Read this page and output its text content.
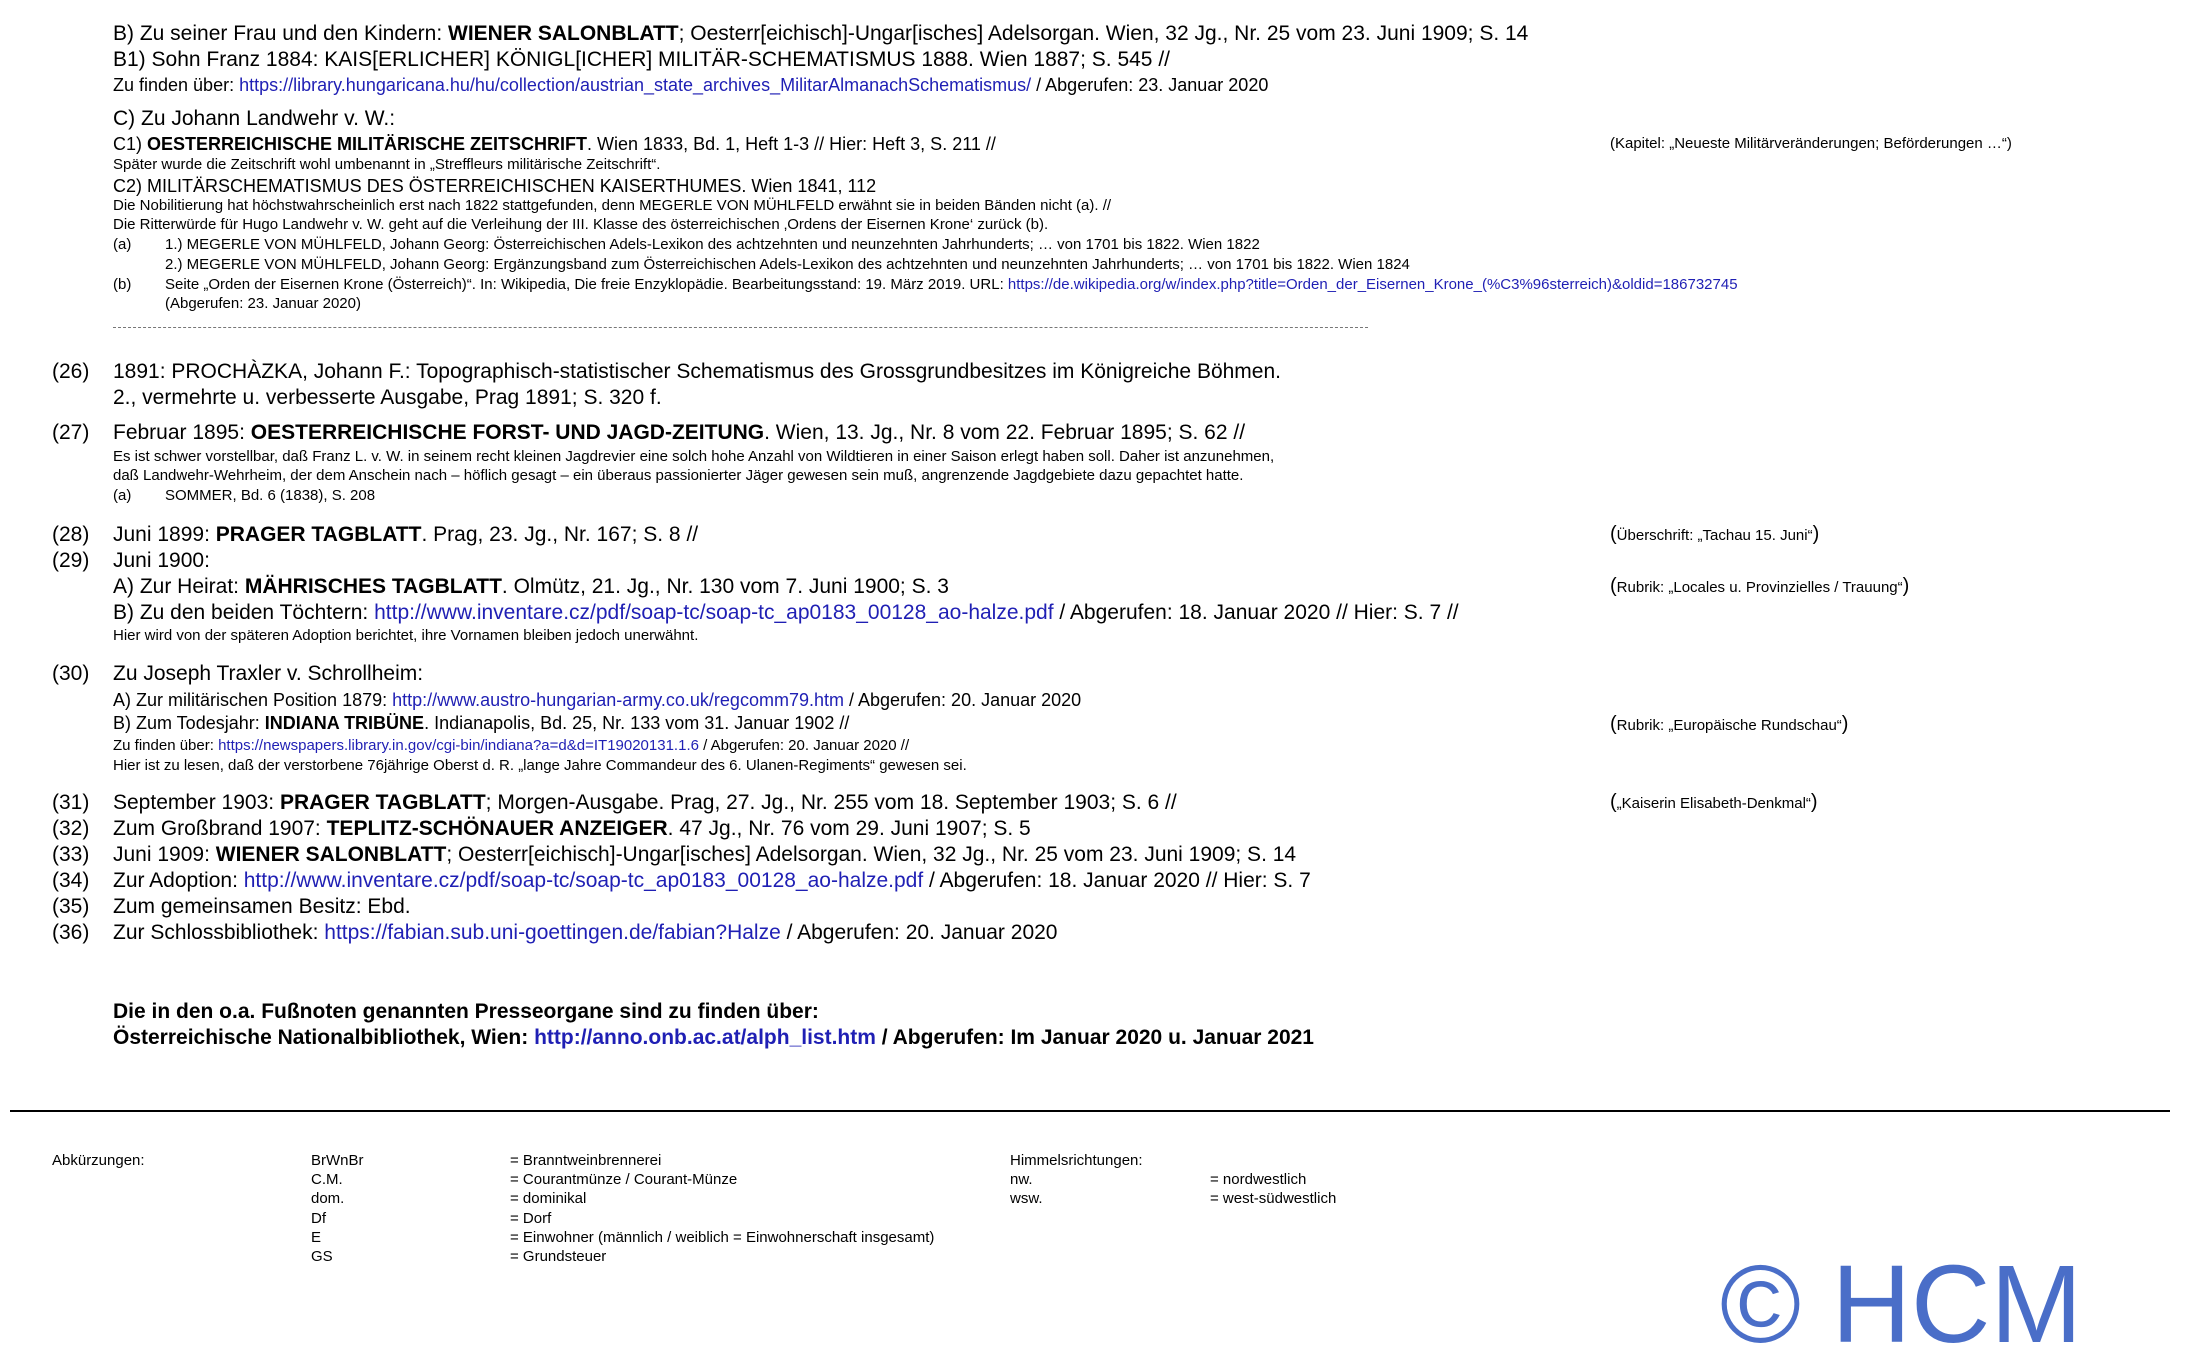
B) Zu seiner Frau und den Kindern: WIENER SALONBLATT; Oesterr[eichisch]-Ungar[isches] Adelsorgan. Wien, 32 Jg., Nr. 25 vom 23. Juni 1909; S. 14
B1) Sohn Franz 1884: KAIS[ERLICHER] KÖNIGL[ICHER] MILITÄR-SCHEMATISMUS 1888. Wien 1887; S. 545 //
Zu finden über: https://library.hungaricana.hu/hu/collection/austrian_state_archives_MilitarAlmanachSchematismus/ / Abgerufen: 23. Januar 2020
C) Zu Johann Landwehr v. W.:
C1) OESTERREICHISCHE MILITÄRISCHE ZEITSCHRIFT. Wien 1833, Bd. 1, Heft 1-3 // Hier: Heft 3, S. 211 //	(Kapitel: „Neueste Militärveränderungen; Beförderungen …“)
Später wurde die Zeitschrift wohl umbenannt in „Streffleurs militärische Zeitschrift“.
C2) MILITÄRSCHEMATISMUS DES ÖSTERREICHISCHEN KAISERTHUMES. Wien 1841, 112
Die Nobilitierung hat höchstwahrscheinlich erst nach 1822 stattgefunden, denn MEGERLE VON MÜHLFELD erwähnt sie in beiden Bänden nicht (a). //
Die Ritterwürde für Hugo Landwehr v. W. geht auf die Verleihung der III. Klasse des österreichischen ‚Ordens der Eisernen Krone‘ zurück (b).
(a) 1.) MEGERLE VON MÜHLFELD, Johann Georg: Österreichischen Adels-Lexikon des achtzehnten und neunzehnten Jahrhunderts; … von 1701 bis 1822. Wien 1822
2.) MEGERLE VON MÜHLFELD, Johann Georg: Ergänzungsband zum Österreichischen Adels-Lexikon des achtzehnten und neunzehnten Jahrhunderts; … von 1701 bis 1822. Wien 1824
(b) Seite „Orden der Eisernen Krone (Österreich)“. In: Wikipedia, Die freie Enzyklopädie. Bearbeitungsstand: 19. März 2019. URL: https://de.wikipedia.org/w/index.php?title=Orden_der_Eisernen_Krone_(%C3%96sterreich)&oldid=186732745
(Abgerufen: 23. Januar 2020)
(26) 1891: PROCHÀZKA, Johann F.: Topographisch-statistischer Schematismus des Grossgrundbesitzes im Königreiche Böhmen.
2., vermehrte u. verbesserte Ausgabe, Prag 1891; S. 320 f.
(27) Februar 1895: OESTERREICHISCHE FORST- UND JAGD-ZEITUNG. Wien, 13. Jg., Nr. 8 vom 22. Februar 1895; S. 62 //
Es ist schwer vorstellbar, daß Franz L. v. W. in seinem recht kleinen Jagdrevier eine solch hohe Anzahl von Wildtieren in einer Saison erlegt haben soll. Daher ist anzunehmen,
daß Landwehr-Wehrheim, der dem Anschein nach – höflich gesagt – ein überaus passionierter Jäger gewesen sein muß, angrenzende Jagdgebiete dazu gepachtet hatte.
(a) SOMMER, Bd. 6 (1838), S. 208
(28) Juni 1899: PRAGER TAGBLATT. Prag, 23. Jg., Nr. 167; S. 8 //	(Überschrift: „Tachau 15. Juni“)
(29) Juni 1900:
A) Zur Heirat: MÄHRISCHES TAGBLATT. Olmütz, 21. Jg., Nr. 130 vom 7. Juni 1900; S. 3	(Rubrik: „Locales u. Provinzielles / Trauung“)
B) Zu den beiden Töchtern: http://www.inventare.cz/pdf/soap-tc/soap-tc_ap0183_00128_ao-halze.pdf / Abgerufen: 18. Januar 2020 // Hier: S. 7 //
Hier wird von der späteren Adoption berichtet, ihre Vornamen bleiben jedoch unerwähnt.
(30) Zu Joseph Traxler v. Schrollheim:
A) Zur militärischen Position 1879: http://www.austro-hungarian-army.co.uk/regcomm79.htm / Abgerufen: 20. Januar 2020
B) Zum Todesjahr: INDIANA TRIBÜNE. Indianapolis, Bd. 25, Nr. 133 vom 31. Januar 1902 //	(Rubrik: „Europäische Rundschau“)
Zu finden über: https://newspapers.library.in.gov/cgi-bin/indiana?a=d&d=IT19020131.1.6 / Abgerufen: 20. Januar 2020 //
Hier ist zu lesen, daß der verstorbene 76jährige Oberst d. R. „lange Jahre Commandeur des 6. Ulanen-Regiments“ gewesen sei.
(31) September 1903: PRAGER TAGBLATT; Morgen-Ausgabe. Prag, 27. Jg., Nr. 255 vom 18. September 1903; S. 6 //	(„Kaiserin Elisabeth-Denkmal“)
(32) Zum Großbrand 1907: TEPLITZ-SCHÖNAUER ANZEIGER. 47 Jg., Nr. 76 vom 29. Juni 1907; S. 5
(33) Juni 1909: WIENER SALONBLATT; Oesterr[eichisch]-Ungar[isches] Adelsorgan. Wien, 32 Jg., Nr. 25 vom 23. Juni 1909; S. 14
(34) Zur Adoption: http://www.inventare.cz/pdf/soap-tc/soap-tc_ap0183_00128_ao-halze.pdf / Abgerufen: 18. Januar 2020 // Hier: S. 7
(35) Zum gemeinsamen Besitz: Ebd.
(36) Zur Schlossbibliothek: https://fabian.sub.uni-goettingen.de/fabian?Halze / Abgerufen: 20. Januar 2020
Die in den o.a. Fußnoten genannten Presseorgane sind zu finden über:
Österreichische Nationalbibliothek, Wien: http://anno.onb.ac.at/alph_list.htm / Abgerufen: Im Januar 2020 u. Januar 2021
Abkürzungen:	BrWnBr	= Branntweinbrennerei
C.M.	= Courantmünze / Courant-Münze
dom.	= dominikal
Df	= Dorf
E	= Einwohner (männlich / weiblich = Einwohnerschaft insgesamt)
GS	= Grundsteuer
Himmelsrichtungen:
nw.	= nordwestlich
wsw.	= west-südwestlich
© HCM
